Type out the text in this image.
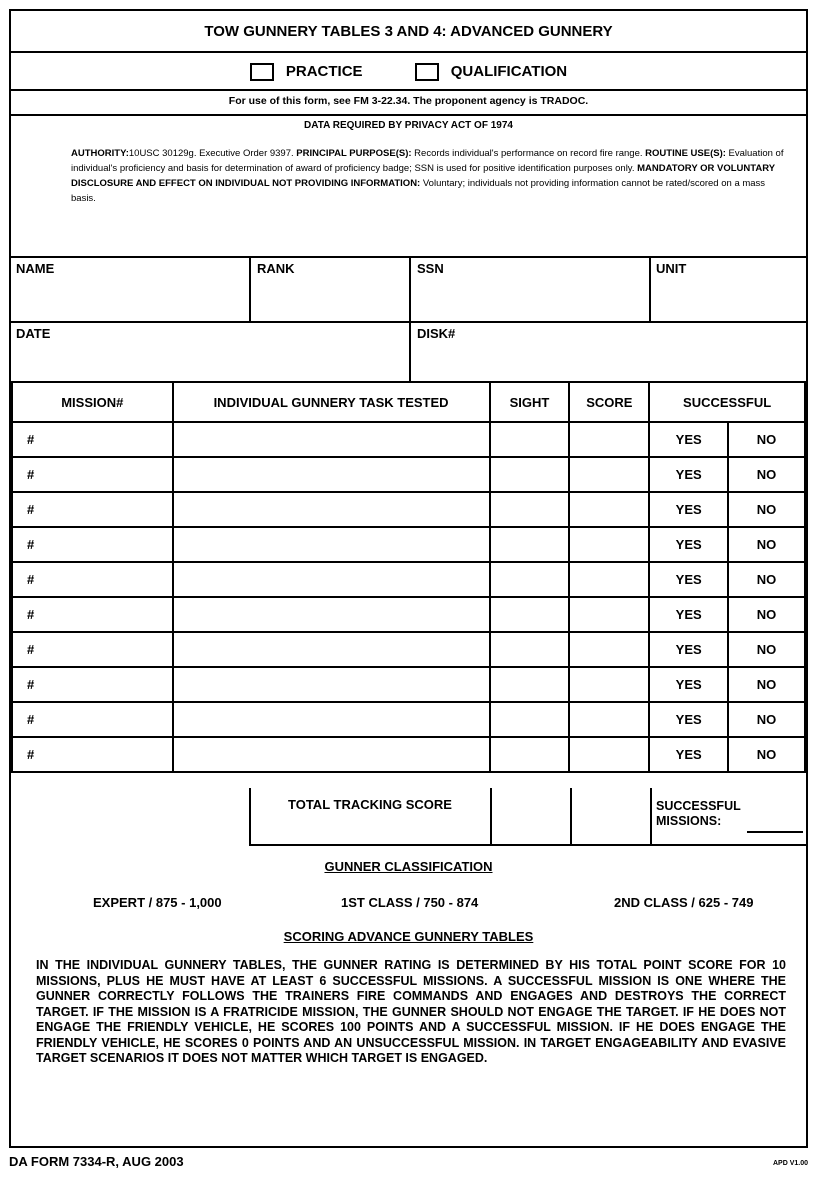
TOW GUNNERY TABLES 3 AND 4: ADVANCED GUNNERY
PRACTICE	QUALIFICATION
For use of this form, see FM 3-22.34. The proponent agency is TRADOC.
DATA REQUIRED BY PRIVACY ACT OF 1974
AUTHORITY:10USC 30129g. Executive Order 9397. PRINCIPAL PURPOSE(S): Records individual's performance on record fire range. ROUTINE USE(S): Evaluation of individual's proficiency and basis for determination of award of proficiency badge; SSN is used for positive identification purposes only. MANDATORY OR VOLUNTARY DISCLOSURE AND EFFECT ON INDIVIDUAL NOT PROVIDING INFORMATION: Voluntary; individuals not providing information cannot be rated/scored on a mass basis.
NAME	RANK	SSN	UNIT
DATE	DISK#
MISSION#	INDIVIDUAL GUNNERY TASK TESTED	SIGHT	SCORE	SUCCESSFUL	
#				YES	NO
#				YES	NO
#				YES	NO
#				YES	NO
#				YES	NO
#				YES	NO
#				YES	NO
#				YES	NO
#				YES	NO
#				YES	NO
TOTAL TRACKING SCORE	SUCCESSFUL MISSIONS:
GUNNER CLASSIFICATION
EXPERT / 875 - 1,000	1ST CLASS / 750 - 874	2ND CLASS / 625 - 749
SCORING ADVANCE GUNNERY TABLES
IN THE INDIVIDUAL GUNNERY TABLES, THE GUNNER RATING IS DETERMINED BY HIS TOTAL POINT SCORE FOR 10 MISSIONS, PLUS HE MUST HAVE AT LEAST 6 SUCCESSFUL MISSIONS. A SUCCESSFUL MISSION IS ONE WHERE THE GUNNER CORRECTLY FOLLOWS THE TRAINERS FIRE COMMANDS AND ENGAGES AND DESTROYS THE CORRECT TARGET. IF THE MISSION IS A FRATRICIDE MISSION, THE GUNNER SHOULD NOT ENGAGE THE TARGET. IF HE DOES NOT ENGAGE THE FRIENDLY VEHICLE, HE SCORES 100 POINTS AND A SUCCESSFUL MISSION. IF HE DOES ENGAGE THE FRIENDLY VEHICLE, HE SCORES 0 POINTS AND AN UNSUCCESSFUL MISSION. IN TARGET ENGAGEABILITY AND EVASIVE TARGET SCENARIOS IT DOES NOT MATTER WHICH TARGET IS ENGAGED.
DA FORM 7334-R, AUG 2003	APD V1.00
